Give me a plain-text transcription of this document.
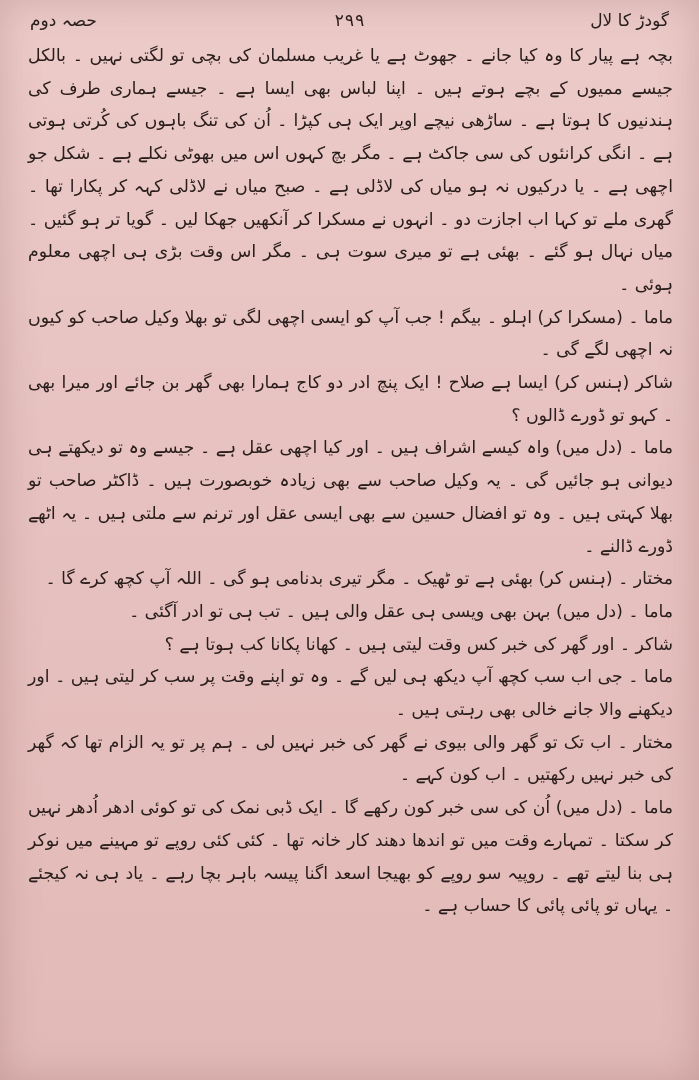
گودڑ کا لال
۲۹۹
حصہ دوم

بچہ ہے پیار کا وہ کیا جانے ۔ جھوٹ ہے یا غریب مسلمان کی بچی تو لگتی نہیں ۔ بالکل جیسے ممیوں کے بچے ہوتے ہیں ۔ اپنا لباس بھی ایسا ہے ۔ جیسے ہماری طرف کی ہندنیوں کا ہوتا ہے ۔ ساڑھی نیچے اوپر ایک ہی کپڑا ۔ اُن کی تنگ باہوں کی کُرتی ہوتی ہے ۔ انگی کرانئوں کی سی جاکٹ ہے ۔ مگر بچ کہوں اس میں بھوٹی نکلے ہے ۔ شکل جو اچھی ہے ۔ یا درکیوں نہ ہو میاں کی لاڈلی ہے ۔ صبح میاں نے لاڈلی کہہ کر پکارا تھا ۔ گھری ملے تو کہا اب اجازت دو ۔ انہوں نے مسکرا کر آنکھیں جھکا لیں ۔ گویا تر ہو گئیں ۔ میاں نہال ہو گئے ۔ بھئی ہے تو میری سوت ہی ۔ مگر اس وقت بڑی ہی اچھی معلوم ہوئی ۔

ماما ۔ (مسکرا کر) اہلو ۔ بیگم ! جب آپ کو ایسی اچھی لگی تو بھلا وکیل صاحب کو کیوں نہ اچھی لگے گی ۔

شاکر (ہنس کر) ایسا ہے صلاح ! ایک پنچ ادر دو کاج ہمارا بھی گھر بن جائے اور میرا بھی ۔ کہو تو ڈورے ڈالوں ؟

ماما ۔ (دل میں) واہ کیسے اشراف ہیں ۔ اور کیا اچھی عقل ہے ۔ جیسے وہ تو دیکھتے ہی دیوانی ہو جائیں گی ۔ یہ وکیل صاحب سے بھی زیادہ خوبصورت ہیں ۔ ڈاکٹر صاحب تو بھلا کہتی ہیں ۔ وہ تو افضال حسین سے بھی ایسی عقل اور ترنم سے ملتی ہیں ۔ یہ اٹھے ڈورے ڈالنے ۔

مختار ۔ (ہنس کر) بھئی ہے تو ٹھیک ۔ مگر تیری بدنامی ہو گی ۔ اللہ آپ کچھ کرے گا ۔

ماما ۔ (دل میں) بہن بھی ویسی ہی عقل والی ہیں ۔ تب ہی تو ادر آگئی ۔

شاکر ۔ اور گھر کی خبر کس وقت لیتی ہیں ۔ کھانا پکانا کب ہوتا ہے ؟

ماما ۔ جی اب سب کچھ آپ دیکھ ہی لیں گے ۔ وہ تو اپنے وقت پر سب کر لیتی ہیں ۔ اور دیکھنے والا جانے خالی بھی رہتی ہیں ۔

مختار ۔ اب تک تو گھر والی بیوی نے گھر کی خبر نہیں لی ۔ ہم پر تو یہ الزام تھا کہ گھر کی خبر نہیں رکھتیں ۔ اب کون کہے ۔

ماما ۔ (دل میں) اُن کی سی خبر کون رکھے گا ۔ ایک ڈبی نمک کی تو کوئی ادھر اُدھر نہیں کر سکتا ۔ تمہارے وقت میں تو اندھا دھند کار خانہ تھا ۔ کئی کئی روپے تو مہینے میں نوکر ہی بنا لیتے تھے ۔ روپیہ سو روپے کو بھیجا اسعد اگنا پیسہ باہر بچا رہے ۔ یاد ہی نہ کیجئے ۔ یہاں تو پائی پائی کا حساب ہے ۔
